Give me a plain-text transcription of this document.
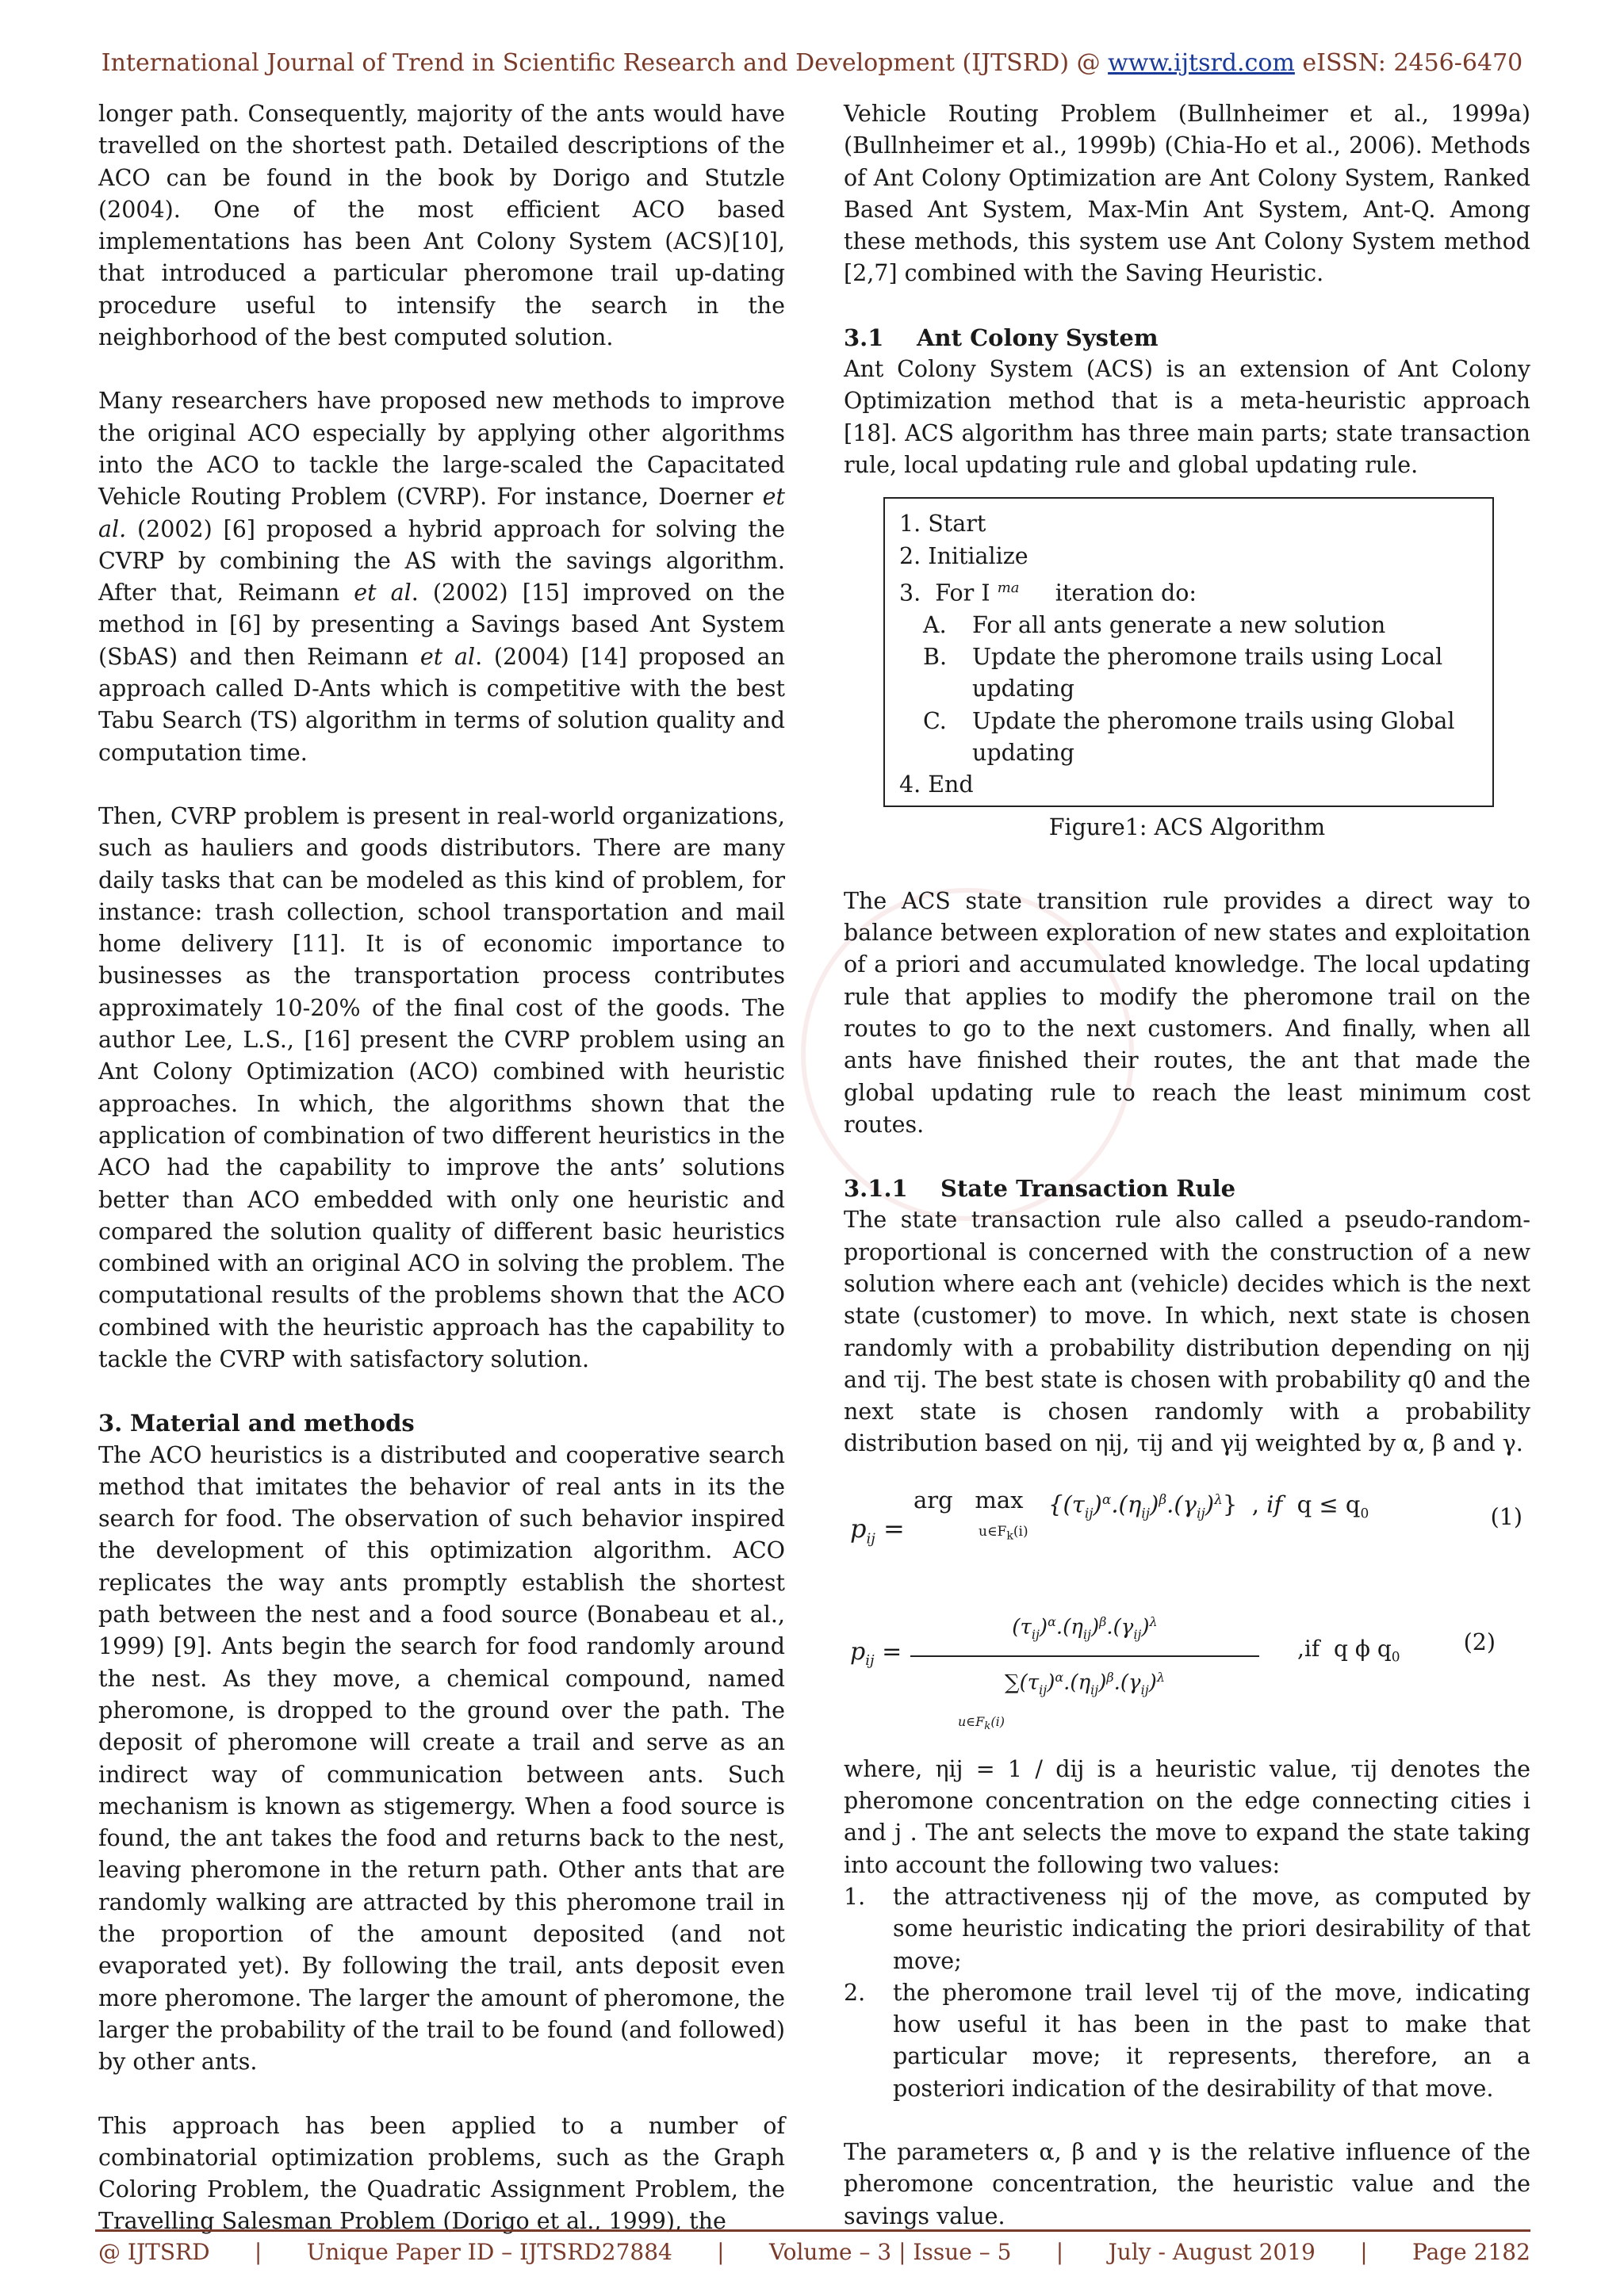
International Journal of Trend in Scientific Research and Development (IJTSRD) @ www.ijtsrd.com eISSN: 2456-6470

longer path. Consequently, majority of the ants would have travelled on the shortest path. Detailed descriptions of the ACO can be found in the book by Dorigo and Stutzle (2004). One of the most efficient ACO based implementations has been Ant Colony System (ACS)[10], that introduced a particular pheromone trail up-dating procedure useful to intensify the search in the neighborhood of the best computed solution.

Many researchers have proposed new methods to improve the original ACO especially by applying other algorithms into the ACO to tackle the large-scaled the Capacitated Vehicle Routing Problem (CVRP). For instance, Doerner et al. (2002) [6] proposed a hybrid approach for solving the CVRP by combining the AS with the savings algorithm. After that, Reimann et al. (2002) [15] improved on the method in [6] by presenting a Savings based Ant System (SbAS) and then Reimann et al. (2004) [14] proposed an approach called D-Ants which is competitive with the best Tabu Search (TS) algorithm in terms of solution quality and computation time.

Then, CVRP problem is present in real-world organizations, such as hauliers and goods distributors. There are many daily tasks that can be modeled as this kind of problem, for instance: trash collection, school transportation and mail home delivery [11]. It is of economic importance to businesses as the transportation process contributes approximately 10-20% of the final cost of the goods. The author Lee, L.S., [16] present the CVRP problem using an Ant Colony Optimization (ACO) combined with heuristic approaches. In which, the algorithms shown that the application of combination of two different heuristics in the ACO had the capability to improve the ants’ solutions better than ACO embedded with only one heuristic and compared the solution quality of different basic heuristics combined with an original ACO in solving the problem. The computational results of the problems shown that the ACO combined with the heuristic approach has the capability to tackle the CVRP with satisfactory solution.

3. Material and methods

The ACO heuristics is a distributed and cooperative search method that imitates the behavior of real ants in its the search for food. The observation of such behavior inspired the development of this optimization algorithm. ACO replicates the way ants promptly establish the shortest path between the nest and a food source (Bonabeau et al., 1999) [9]. Ants begin the search for food randomly around the nest. As they move, a chemical compound, named pheromone, is dropped to the ground over the path. The deposit of pheromone will create a trail and serve as an indirect way of communication between ants. Such mechanism is known as stigemergy. When a food source is found, the ant takes the food and returns back to the nest, leaving pheromone in the return path. Other ants that are randomly walking are attracted by this pheromone trail in the proportion of the amount deposited (and not evaporated yet). By following the trail, ants deposit even more pheromone. The larger the amount of pheromone, the larger the probability of the trail to be found (and followed) by other ants.

This approach has been applied to a number of combinatorial optimization problems, such as the Graph Coloring Problem, the Quadratic Assignment Problem, the Travelling Salesman Problem (Dorigo et al., 1999), the

Vehicle Routing Problem (Bullnheimer et al., 1999a) (Bullnheimer et al., 1999b) (Chia-Ho et al., 2006). Methods of Ant Colony Optimization are Ant Colony System, Ranked Based Ant System, Max-Min Ant System, Ant-Q. Among these methods, this system use Ant Colony System method [2,7] combined with the Saving Heuristic.

3.1 Ant Colony System

Ant Colony System (ACS) is an extension of Ant Colony Optimization method that is a meta-heuristic approach [18]. ACS algorithm has three main parts; state transaction rule, local updating rule and global updating rule.

1. Start
2. Initialize
3.  For I $^{ma}$     iteration do:
A.	For all ants generate a new solution
B.	Update the pheromone trails using Local updating
C.	Update the pheromone trails using Global updating
4. End
Figure1: ACS Algorithm

The ACS state transition rule provides a direct way to balance between exploration of new states and exploitation of a priori and accumulated knowledge. The local updating rule that applies to modify the pheromone trail on the routes to go to the next customers. And finally, when all ants have finished their routes, the ant that made the global updating rule to reach the least minimum cost routes.

3.1.1 State Transaction Rule

The state transaction rule also called a pseudo-random-proportional is concerned with the construction of a new solution where each ant (vehicle) decides which is the next state (customer) to move. In which, next state is chosen randomly with a probability distribution depending on ηij and τij. The best state is chosen with probability q0 and the next state is chosen randomly with a probability distribution based on ηij, τij and γij weighted by α, β and γ.

$p_{ij}$ =
arg   max
$u\in F_k(i)$
$\{(\tau_{ij})^\alpha.(\eta_{ij})^\beta.(\gamma_{ij})^\lambda\}$  , if  $q \le q_0$	(1)
$p_{ij}$ =
$(\tau_{ij})^\alpha.(\eta_{ij})^\beta.(\gamma_{ij})^\lambda$
$\sum(\tau_{ij})^\alpha.(\eta_{ij})^\beta.(\gamma_{ij})^\lambda$
$u\in F_k(i)$
,if  q ϕ $q_0$
(2)

where, ηij = 1 / dij is a heuristic value, τij denotes the pheromone concentration on the edge connecting cities i and j . The ant selects the move to expand the state taking into account the following two values:

1.	the attractiveness ηij of the move, as computed by some heuristic indicating the priori desirability of that move;
2.	the pheromone trail level τij of the move, indicating how useful it has been in the past to make that particular move; it represents, therefore, an a posteriori indication of the desirability of that move.

The parameters α, β and γ is the relative influence of the pheromone concentration, the heuristic value and the savings value.

@ IJTSRD | Unique Paper ID – IJTSRD27884 | Volume – 3 | Issue – 5 | July - August 2019 | Page 2182
